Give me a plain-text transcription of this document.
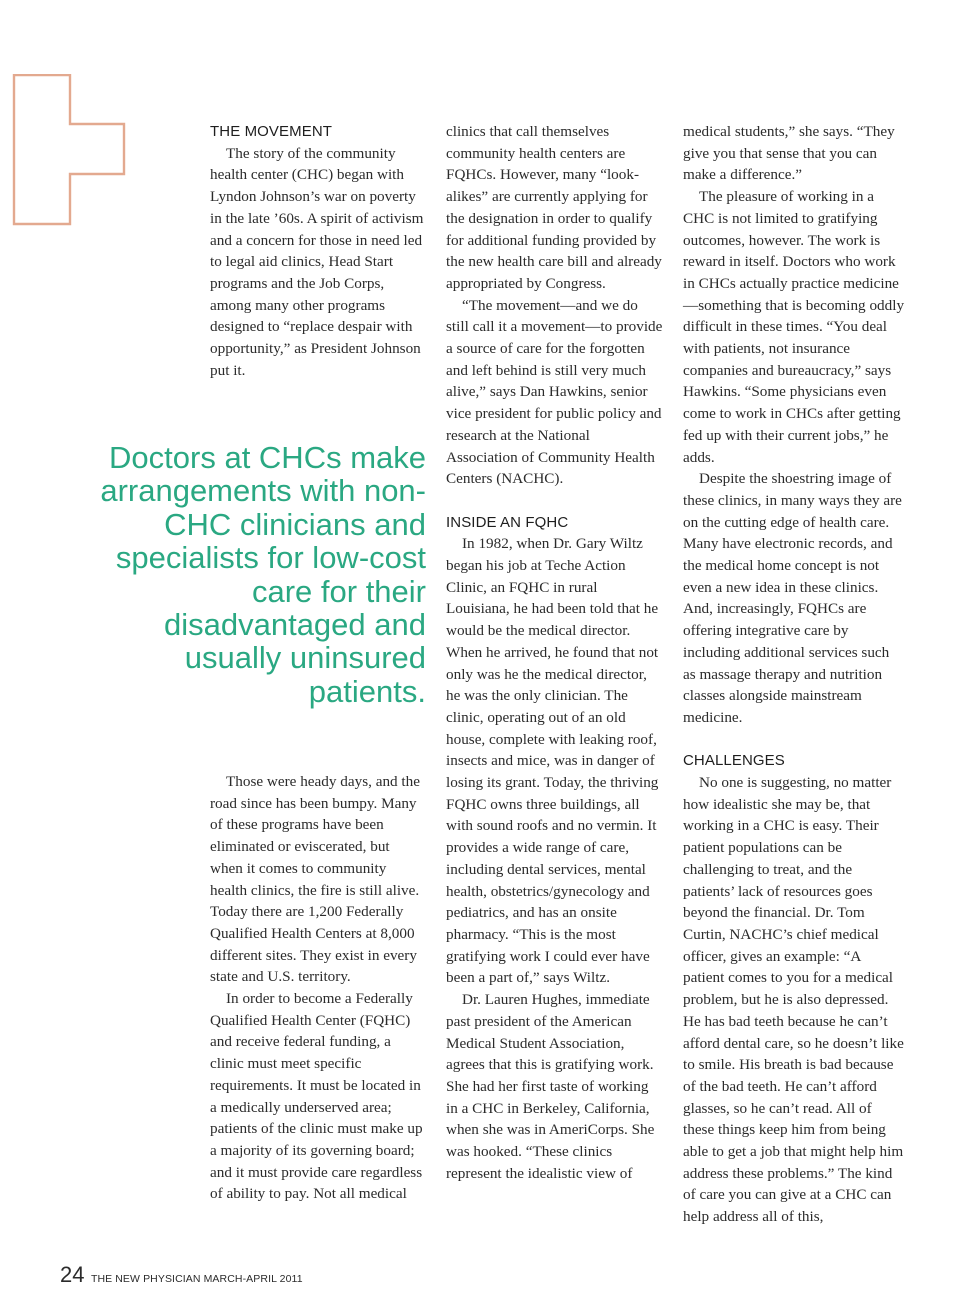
THE MOVEMENT

The story of the community health center (CHC) began with Lyndon Johnson’s war on poverty in the late ’60s. A spirit of activism and a concern for those in need led to legal aid clinics, Head Start programs and the Job Corps, among many other programs designed to “replace despair with opportunity,” as President Johnson put it.

Doctors at CHCs make arrangements with non-CHC clinicians and specialists for low-cost care for their disadvantaged and usually uninsured patients.

Those were heady days, and the road since has been bumpy. Many of these programs have been eliminated or eviscerated, but when it comes to community health clinics, the fire is still alive. Today there are 1,200 Federally Qualified Health Centers at 8,000 different sites. They exist in every state and U.S. territory.

In order to become a Federally Qualified Health Center (FQHC) and receive federal funding, a clinic must meet specific requirements. It must be located in a medically underserved area; patients of the clinic must make up a majority of its governing board; and it must provide care regardless of ability to pay. Not all medical

clinics that call themselves community health centers are FQHCs. However, many “look-alikes” are currently applying for the designation in order to qualify for additional funding provided by the new health care bill and already appropriated by Congress.

“The movement—and we do still call it a movement—to provide a source of care for the forgotten and left behind is still very much alive,” says Dan Hawkins, senior vice president for public policy and research at the National Association of Community Health Centers (NACHC).

INSIDE AN FQHC

In 1982, when Dr. Gary Wiltz began his job at Teche Action Clinic, an FQHC in rural Louisiana, he had been told that he would be the medical director. When he arrived, he found that not only was he the medical director, he was the only clinician. The clinic, operating out of an old house, complete with leaking roof, insects and mice, was in danger of losing its grant. Today, the thriving FQHC owns three buildings, all with sound roofs and no vermin. It provides a wide range of care, including dental services, mental health, obstetrics/gynecology and pediatrics, and has an onsite pharmacy. “This is the most gratifying work I could ever have been a part of,” says Wiltz.

Dr. Lauren Hughes, immediate past president of the American Medical Student Association, agrees that this is gratifying work. She had her first taste of working in a CHC in Berkeley, California, when she was in AmeriCorps. She was hooked. “These clinics represent the idealistic view of

medical students,” she says. “They give you that sense that you can make a difference.”

The pleasure of working in a CHC is not limited to gratifying outcomes, however. The work is reward in itself. Doctors who work in CHCs actually practice medicine—something that is becoming oddly difficult in these times. “You deal with patients, not insurance companies and bureaucracy,” says Hawkins. “Some physicians even come to work in CHCs after getting fed up with their current jobs,” he adds.

Despite the shoestring image of these clinics, in many ways they are on the cutting edge of health care. Many have electronic records, and the medical home concept is not even a new idea in these clinics. And, increasingly, FQHCs are offering integrative care by including additional services such as massage therapy and nutrition classes alongside mainstream medicine.

CHALLENGES

No one is suggesting, no matter how idealistic she may be, that working in a CHC is easy. Their patient populations can be challenging to treat, and the patients’ lack of resources goes beyond the financial. Dr. Tom Curtin, NACHC’s chief medical officer, gives an example: “A patient comes to you for a medical problem, but he is also depressed. He has bad teeth because he can’t afford dental care, so he doesn’t like to smile. His breath is bad because of the bad teeth. He can’t afford glasses, so he can’t read. All of these things keep him from being able to get a job that might help him address these problems.” The kind of care you can give at a CHC can help address all of this,

24 THE NEW PHYSICIAN MARCH-APRIL 2011
